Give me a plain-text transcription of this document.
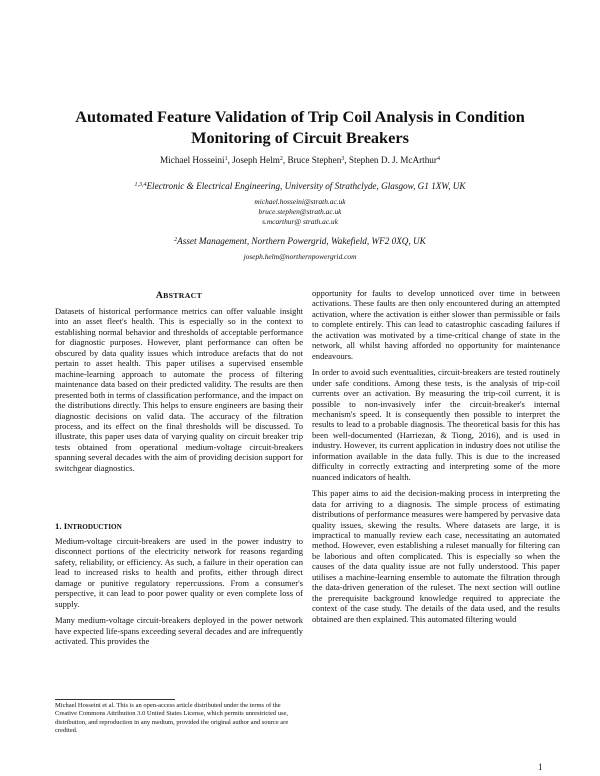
Automated Feature Validation of Trip Coil Analysis in Condition
Monitoring of Circuit Breakers
Michael Hosseini$^1$, Joseph Helm$^2$, Bruce Stephen$^3$, Stephen D. J. McArthur$^4$
$^{1,3,4}$Electronic & Electrical Engineering, University of Strathclyde, Glasgow, G1 1XW, UK
michael.hosseini@strath.ac.uk
bruce.stephen@strath.ac.uk
s.mcarthur@ strath.ac.uk
$^2$Asset Management, Northern Powergrid, Wakefield, WF2 0XQ, UK
joseph.helm@northernpowergrid.com
ABSTRACT

Datasets of historical performance metrics can offer valuable insight into an asset fleet's health. This is especially so in the context to establishing normal behavior and thresholds of acceptable performance for diagnostic purposes. However, plant performance can often be obscured by data quality issues which introduce arefacts that do not pertain to asset health. This paper utilises a supervised ensemble machine-learning approach to automate the process of filtering maintenance data based on their predicted validity. The results are then presented both in terms of classification performance, and the impact on the distributions directly. This helps to ensure engineers are basing their diagnostic decisions on valid data. The accuracy of the filtration process, and its effect on the final thresholds will be discussed. To illustrate, this paper uses data of varying quality on circuit breaker trip tests obtained from operational medium-voltage circuit-breakers spanning several decades with the aim of providing decision support for switchgear diagnostics.

1. INTRODUCTION

Medium-voltage circuit-breakers are used in the power industry to disconnect portions of the electricity network for reasons regarding safety, reliability, or efficiency. As such, a failure in their operation can lead to increased risks to health and profits, either through direct damage or punitive regulatory repercussions. From a consumer's perspective, it can lead to poor power quality or even complete loss of supply.

Many medium-voltage circuit-breakers deployed in the power network have expected life-spans exceeding several decades and are infrequently activated. This provides the

Michael Hosseini et al. This is an open-access article distributed under the terms of the Creative Commons Attribution 3.0 United States License, which permits unrestricted use, distribution, and reproduction in any medium, provided the original author and source are credited.

opportunity for faults to develop unnoticed over time in between activations. These faults are then only encountered during an attempted activation, where the activation is either slower than permissible or fails to complete entirely. This can lead to catastrophic cascading failures if the activation was motivated by a time-critical change of state in the network, all whilst having afforded no opportunity for maintenance endeavours.

In order to avoid such eventualities, circuit-breakers are tested routinely under safe conditions. Among these tests, is the analysis of trip-coil currents over an activation. By measuring the trip-coil current, it is possible to non-invasively infer the circuit-breaker's internal mechanism's speed. It is consequently then possible to interpret the results to lead to a probable diagnosis. The theoretical basis for this has been well-documented (Harriezan, & Tiong, 2016), and is used in industry. However, its current application in industry does not utilise the information available in the data fully. This is due to the increased difficulty in correctly extracting and interpreting some of the more nuanced indicators of health.

This paper aims to aid the decision-making process in interpreting the data for arriving to a diagnosis. The simple process of estimating distributions of performance measures were hampered by pervasive data quality issues, skewing the results. Where datasets are large, it is impractical to manually review each case, necessitating an automated method. However, even establishing a ruleset manually for filtering can be laborious and often complicated. This is especially so when the causes of the data quality issue are not fully understood. This paper utilises a machine-learning ensemble to automate the filtration through the data-driven generation of the ruleset. The next section will outline the prerequisite background knowledge required to appreciate the context of the case study. The details of the data used, and the results obtained are then explained. This automated filtering would

1
